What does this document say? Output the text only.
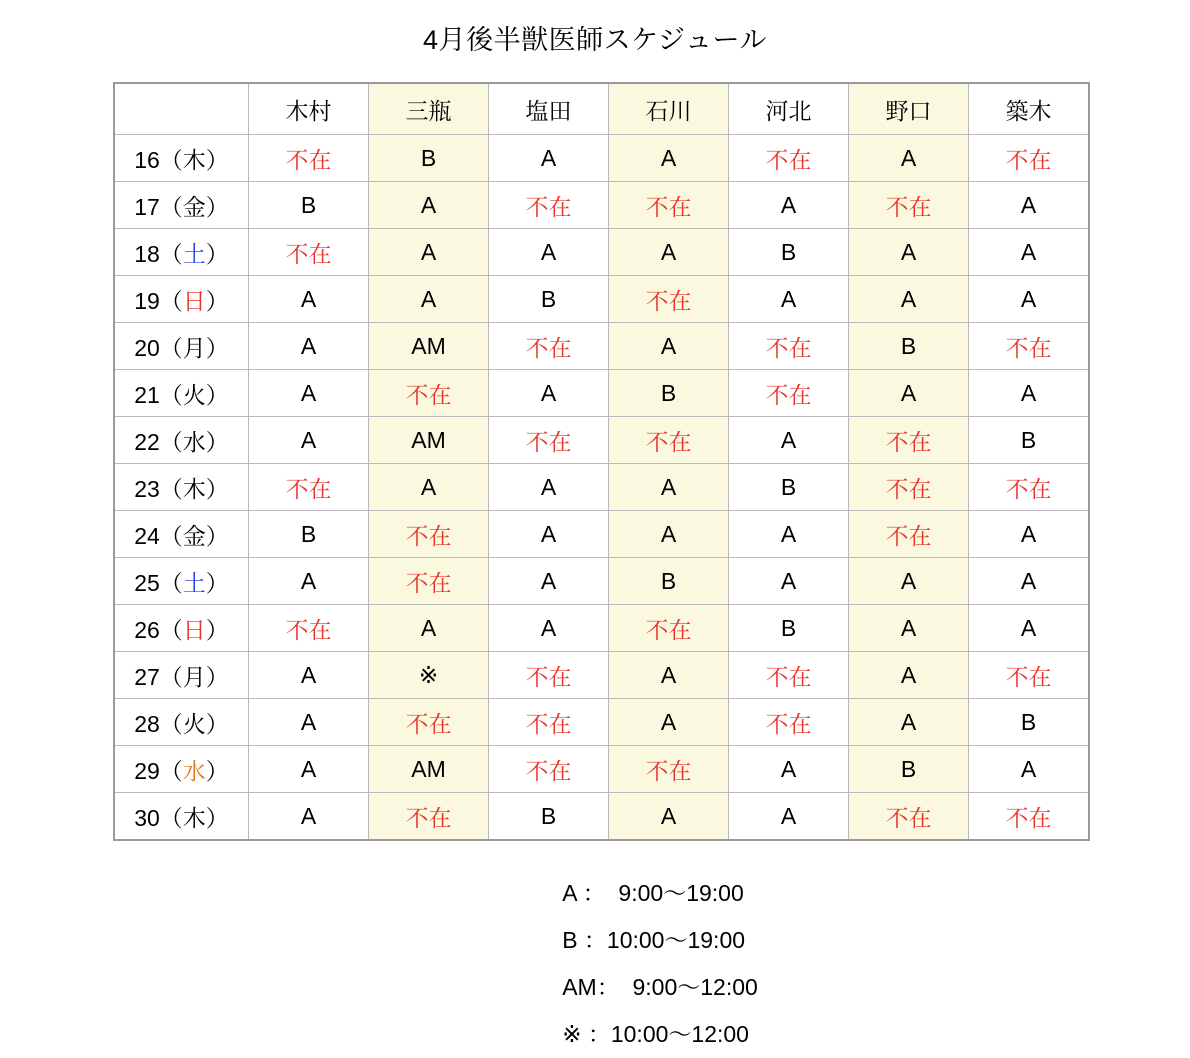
4月後半獣医師スケジュール
	木村	三瓶	塩田	石川	河北	野口	築木
16（木）	不在	B	A	A	不在	A	不在
17（金）	B	A	不在	不在	A	不在	A
18（土）	不在	A	A	A	B	A	A
19（日）	A	A	B	不在	A	A	A
20（月）	A	AM	不在	A	不在	B	不在
21（火）	A	不在	A	B	不在	A	A
22（水）	A	AM	不在	不在	A	不在	B
23（木）	不在	A	A	A	B	不在	不在
24（金）	B	不在	A	A	A	不在	A
25（土）	A	不在	A	B	A	A	A
26（日）	不在	A	A	不在	B	A	A
27（月）	A	※	不在	A	不在	A	不在
28（火）	A	不在	不在	A	不在	A	B
29（水）	A	AM	不在	不在	A	B	A
30（木）	A	不在	B	A	A	不在	不在
A ：  9:00～19:00
B ：10:00～19:00
AM：  9:00～12:00
※ ：10:00～12:00
